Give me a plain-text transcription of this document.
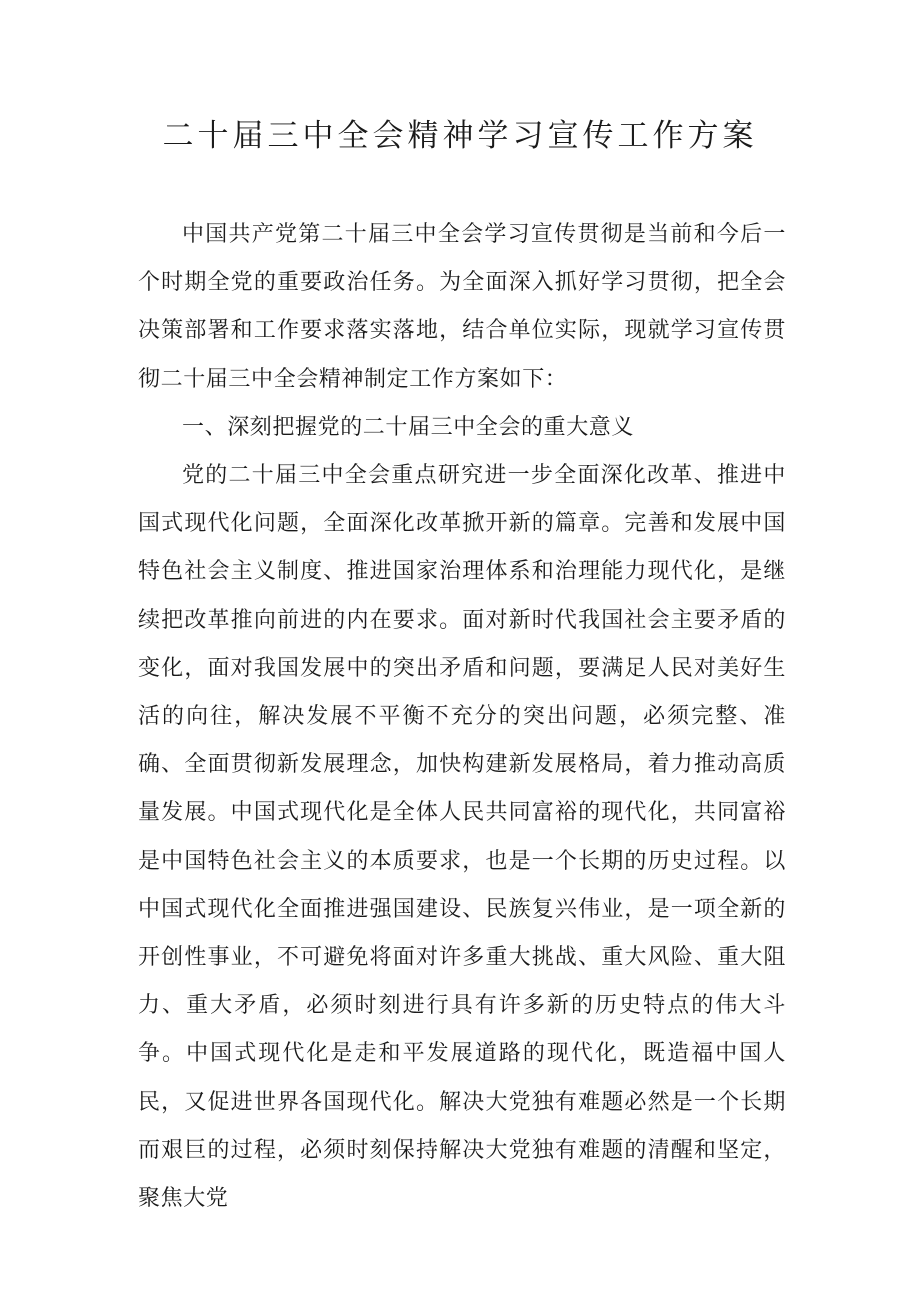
二十届三中全会精神学习宣传工作方案

中国共产党第二十届三中全会学习宣传贯彻是当前和今后一个时期全党的重要政治任务。为全面深入抓好学习贯彻，把全会决策部署和工作要求落实落地，结合单位实际，现就学习宣传贯彻二十届三中全会精神制定工作方案如下：

一、深刻把握党的二十届三中全会的重大意义

党的二十届三中全会重点研究进一步全面深化改革、推进中国式现代化问题，全面深化改革掀开新的篇章。完善和发展中国特色社会主义制度、推进国家治理体系和治理能力现代化，是继续把改革推向前进的内在要求。面对新时代我国社会主要矛盾的变化，面对我国发展中的突出矛盾和问题，要满足人民对美好生活的向往，解决发展不平衡不充分的突出问题，必须完整、准确、全面贯彻新发展理念，加快构建新发展格局，着力推动高质量发展。中国式现代化是全体人民共同富裕的现代化，共同富裕是中国特色社会主义的本质要求，也是一个长期的历史过程。以中国式现代化全面推进强国建设、民族复兴伟业，是一项全新的开创性事业，不可避免将面对许多重大挑战、重大风险、重大阻力、重大矛盾，必须时刻进行具有许多新的历史特点的伟大斗争。中国式现代化是走和平发展道路的现代化，既造福中国人民，又促进世界各国现代化。解决大党独有难题必然是一个长期而艰巨的过程，必须时刻保持解决大党独有难题的清醒和坚定，聚焦大党
